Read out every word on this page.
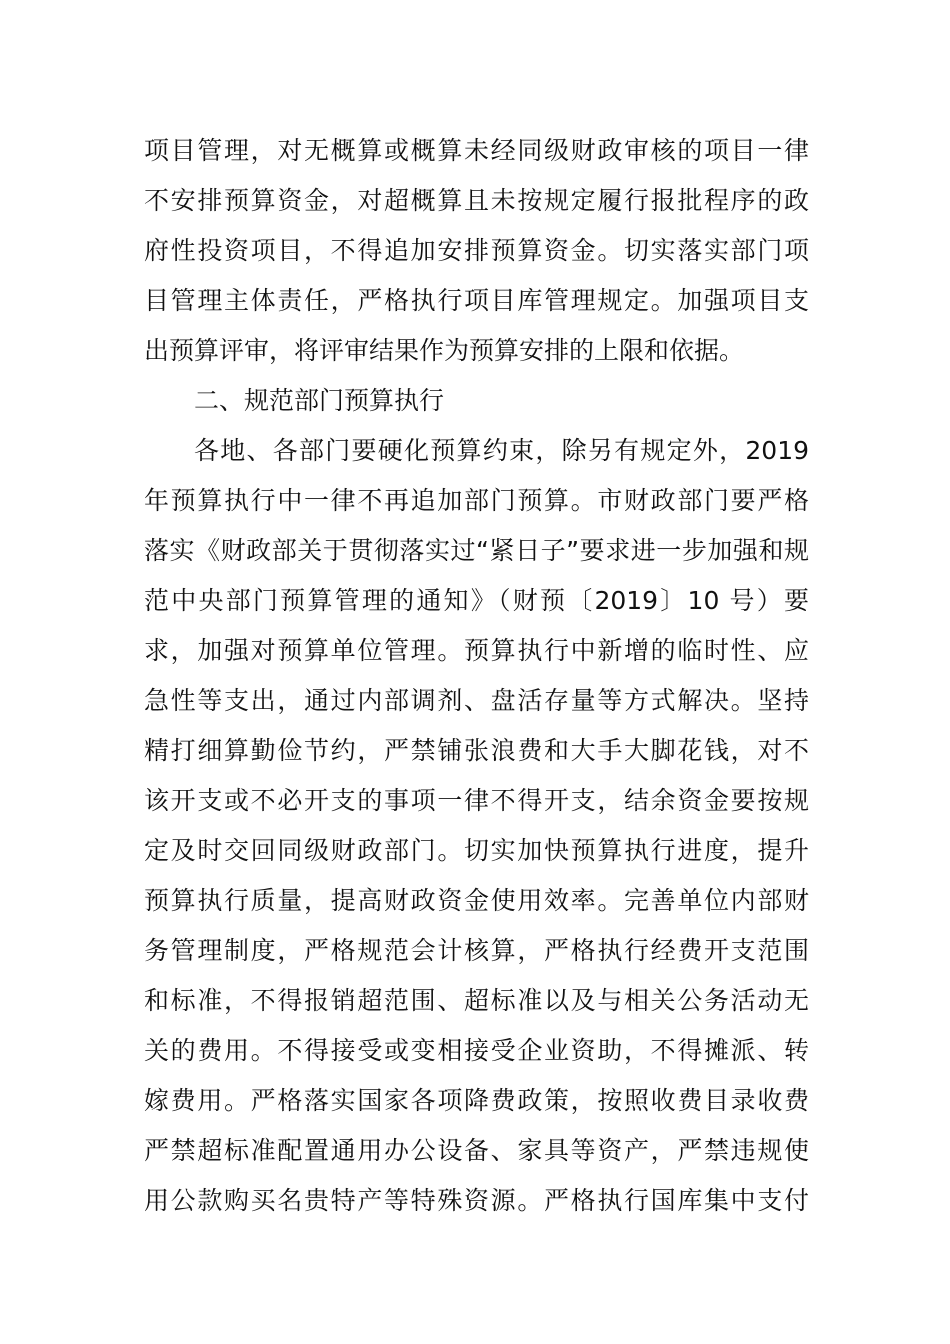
项目管理，对无概算或概算未经同级财政审核的项目一律
不安排预算资金，对超概算且未按规定履行报批程序的政
府性投资项目，不得追加安排预算资金。切实落实部门项
目管理主体责任，严格执行项目库管理规定。加强项目支
出预算评审，将评审结果作为预算安排的上限和依据。
二、规范部门预算执行
各地、各部门要硬化预算约束，除另有规定外，2019
年预算执行中一律不再追加部门预算。市财政部门要严格
落实《财政部关于贯彻落实过“紧日子”要求进一步加强和规
范中央部门预算管理的通知》（财预〔2019〕10 号）要
求，加强对预算单位管理。预算执行中新增的临时性、应
急性等支出，通过内部调剂、盘活存量等方式解决。坚持
精打细算勤俭节约，严禁铺张浪费和大手大脚花钱，对不
该开支或不必开支的事项一律不得开支，结余资金要按规
定及时交回同级财政部门。切实加快预算执行进度，提升
预算执行质量，提高财政资金使用效率。完善单位内部财
务管理制度，严格规范会计核算，严格执行经费开支范围
和标准，不得报销超范围、超标准以及与相关公务活动无
关的费用。不得接受或变相接受企业资助，不得摊派、转
嫁费用。严格落实国家各项降费政策，按照收费目录收费
严禁超标准配置通用办公设备、家具等资产，严禁违规使
用公款购买名贵特产等特殊资源。严格执行国库集中支付
